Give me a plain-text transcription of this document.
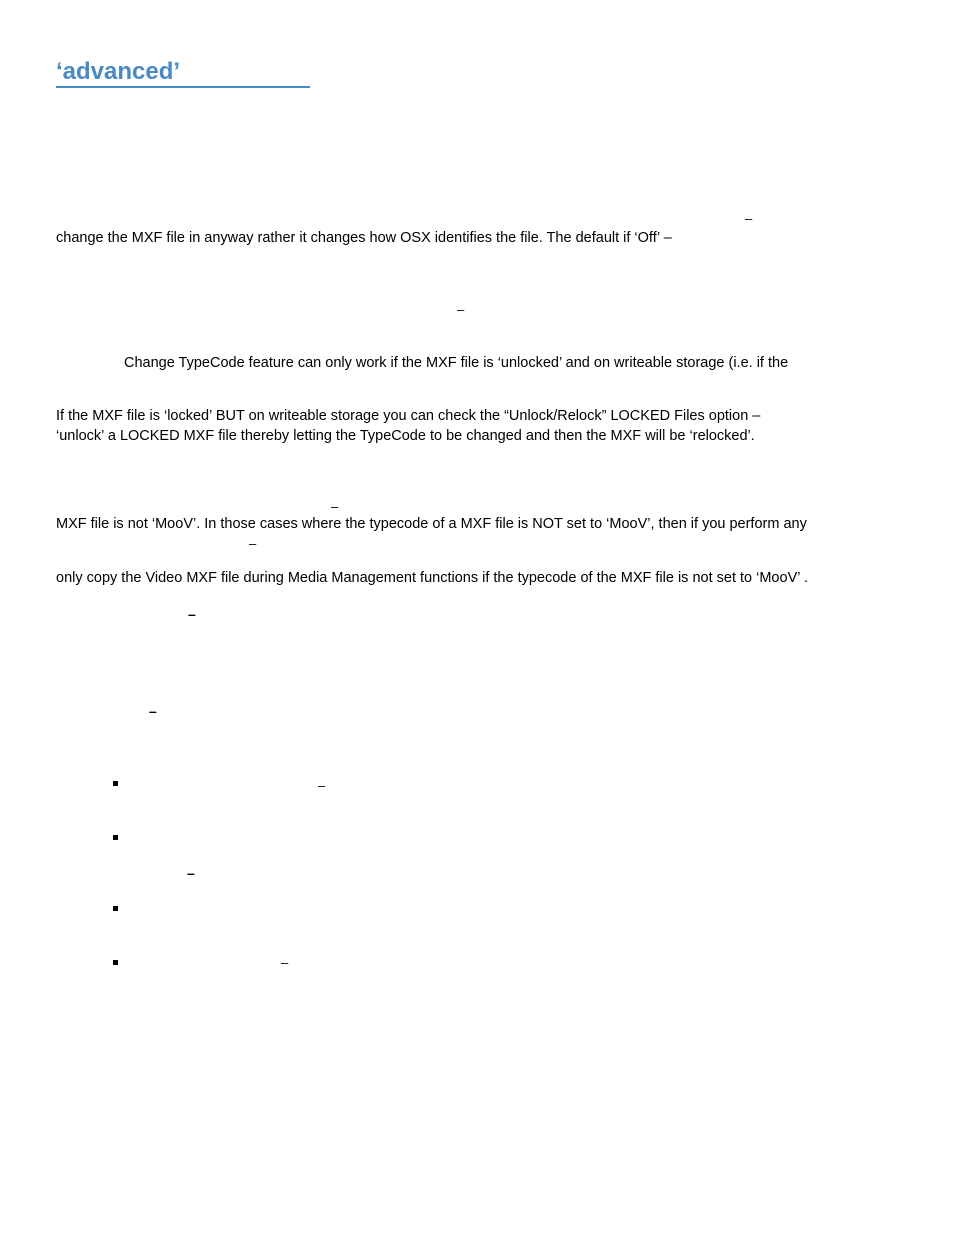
‘advanced’
–
change the MXF file in anyway rather it changes how OSX identifies the file. The default if ‘Off’ –
–
Change TypeCode feature can only work if the MXF file is ‘unlocked’ and on writeable storage (i.e. if the
If the MXF file is ‘locked’ BUT on writeable storage you can check the “Unlock/Relock” LOCKED Files option –
‘unlock’ a LOCKED MXF file thereby letting the TypeCode to be changed and then the MXF will be ‘relocked’.
–
MXF file is not ‘MooV’. In those cases where the typecode of a MXF file is NOT set to ‘MooV’, then if you perform any
–
only copy the Video MXF file during Media Management functions if the typecode of the MXF file is not set to ‘MooV’ .
–
–
–
–
–
